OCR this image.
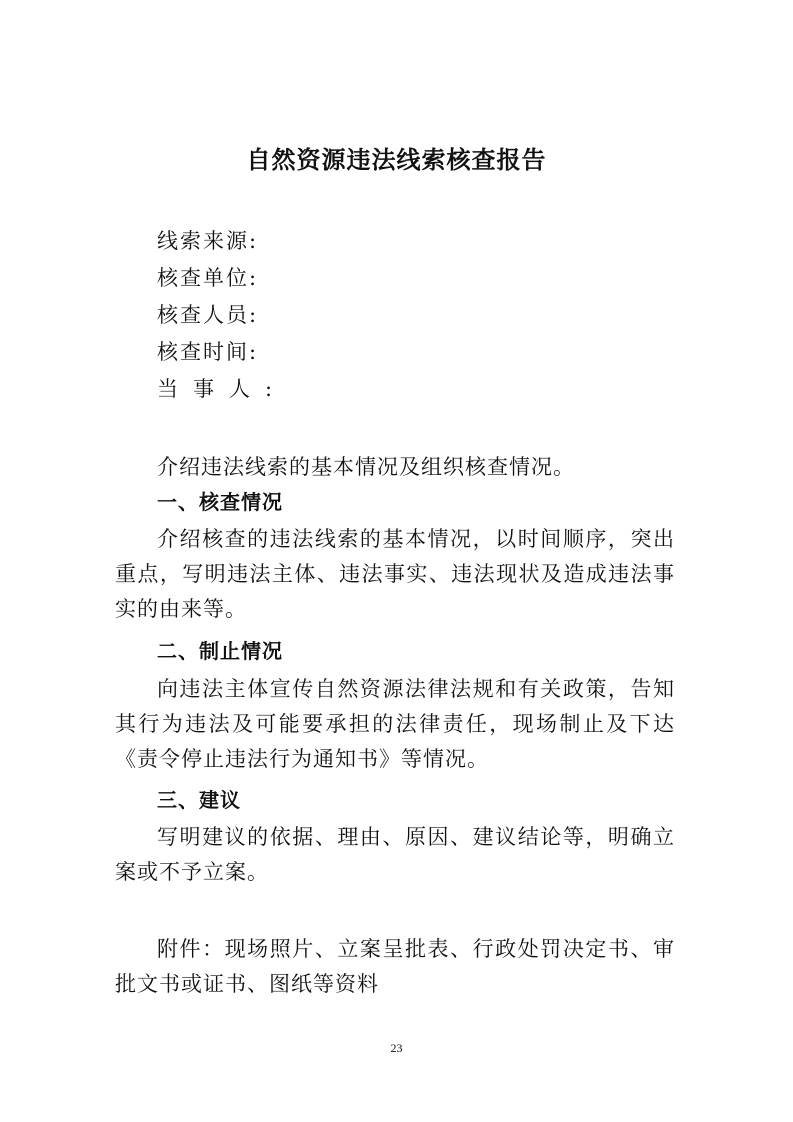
自然资源违法线索核查报告
线索来源:
核查单位:
核查人员:
核查时间:
当事人:

介绍违法线索的基本情况及组织核查情况。

一、核查情况

介绍核查的违法线索的基本情况，以时间顺序，突出重点，写明违法主体、违法事实、违法现状及造成违法事实的由来等。

二、制止情况

向违法主体宣传自然资源法律法规和有关政策，告知其行为违法及可能要承担的法律责任，现场制止及下达《责令停止违法行为通知书》等情况。

三、建议

写明建议的依据、理由、原因、建议结论等，明确立案或不予立案。

附件：现场照片、立案呈批表、行政处罚决定书、审批文书或证书、图纸等资料

23
